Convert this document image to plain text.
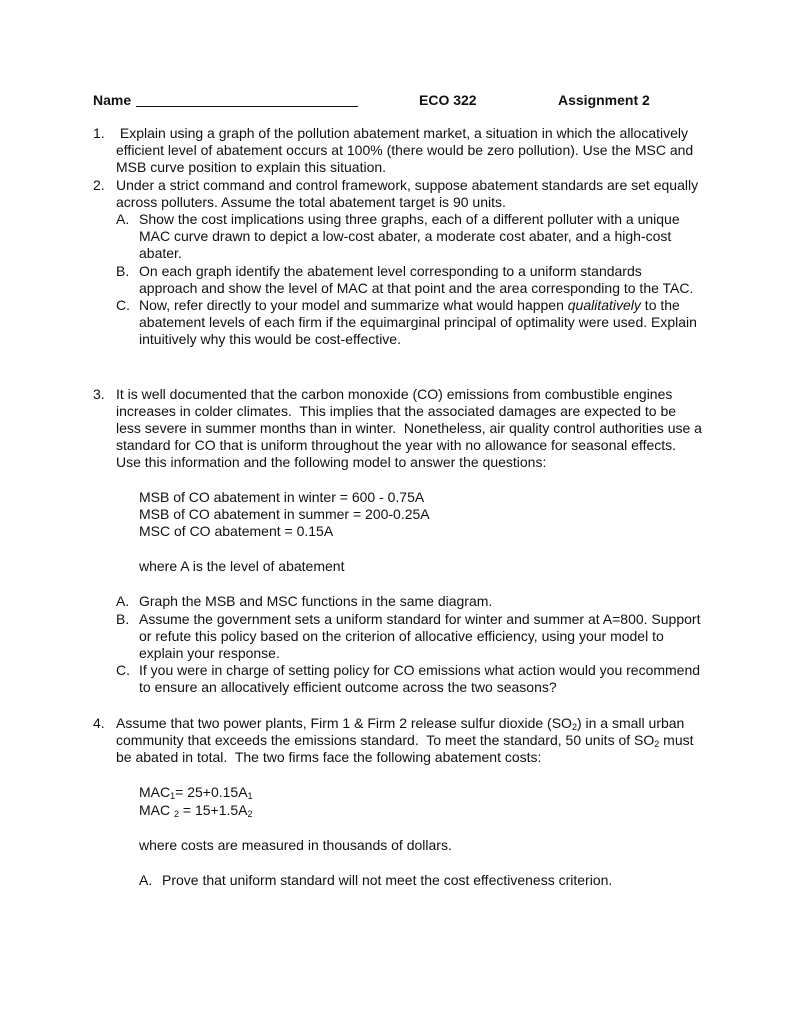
Name	ECO 322	Assignment 2
1. Explain using a graph of the pollution abatement market, a situation in which the allocatively efficient level of abatement occurs at 100% (there would be zero pollution). Use the MSC and MSB curve position to explain this situation.

2. Under a strict command and control framework, suppose abatement standards are set equally across polluters. Assume the total abatement target is 90 units.

A. Show the cost implications using three graphs, each of a different polluter with a unique MAC curve drawn to depict a low-cost abater, a moderate cost abater, and a high-cost abater.

B. On each graph identify the abatement level corresponding to a uniform standards approach and show the level of MAC at that point and the area corresponding to the TAC.

C. Now, refer directly to your model and summarize what would happen qualitatively to the abatement levels of each firm if the equimarginal principal of optimality were used. Explain intuitively why this would be cost-effective.

3. It is well documented that the carbon monoxide (CO) emissions from combustible engines increases in colder climates.  This implies that the associated damages are expected to be less severe in summer months than in winter.  Nonetheless, air quality control authorities use a standard for CO that is uniform throughout the year with no allowance for seasonal effects.  Use this information and the following model to answer the questions:

MSB of CO abatement in winter = 600 - 0.75A

MSB of CO abatement in summer = 200-0.25A

MSC of CO abatement = 0.15A

where A is the level of abatement

A. Graph the MSB and MSC functions in the same diagram.

B. Assume the government sets a uniform standard for winter and summer at A=800. Support or refute this policy based on the criterion of allocative efficiency, using your model to explain your response.

C. If you were in charge of setting policy for CO emissions what action would you recommend to ensure an allocatively efficient outcome across the two seasons?

4. Assume that two power plants, Firm 1 & Firm 2 release sulfur dioxide $(SO_2)$ in a small urban community that exceeds the emissions standard.  To meet the standard, 50 units of $SO_2$ must be abated in total.  The two firms face the following abatement costs:

$MAC_1= 25+0.15A_1$

MAC $_2 = 15+1.5A_2$

where costs are measured in thousands of dollars.

A. Prove that uniform standard will not meet the cost effectiveness criterion.
